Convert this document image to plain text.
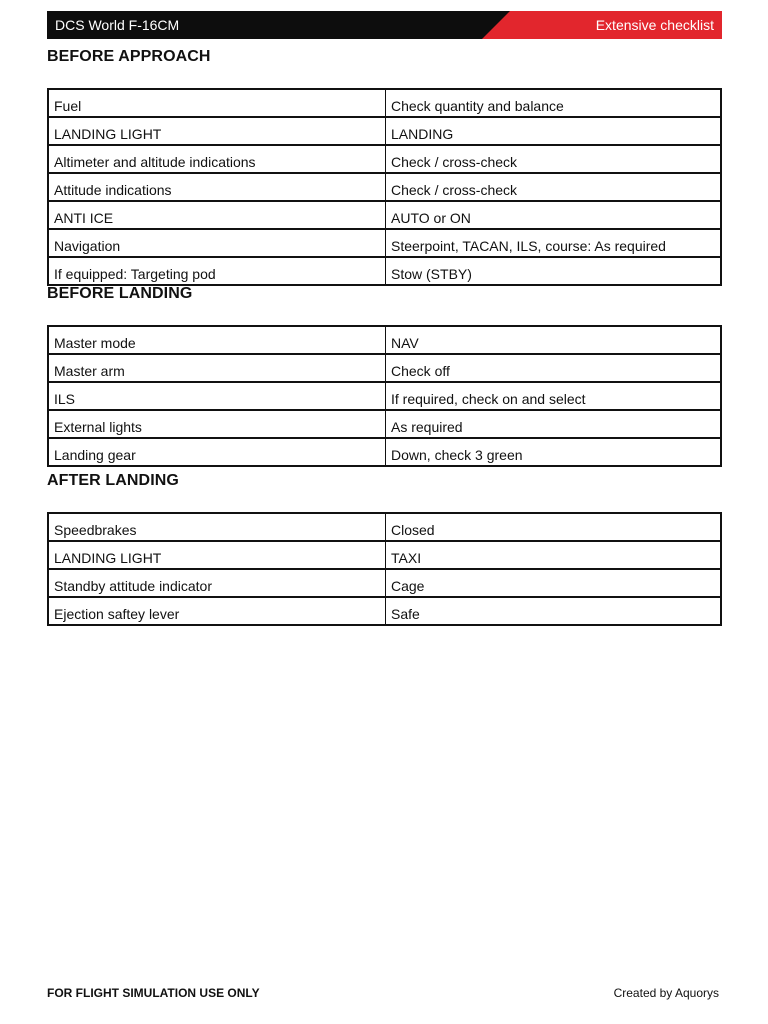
DCS World F-16CM	Extensive checklist
BEFORE APPROACH
Fuel	Check quantity and balance
LANDING LIGHT	LANDING
Altimeter and altitude indications	Check / cross-check
Attitude indications	Check / cross-check
ANTI ICE	AUTO or ON
Navigation	Steerpoint, TACAN, ILS, course: As required
If equipped: Targeting pod	Stow (STBY)
BEFORE LANDING
Master mode	NAV
Master arm	Check off
ILS	If required, check on and select
External lights	As required
Landing gear	Down, check 3 green
AFTER LANDING
Speedbrakes	Closed
LANDING LIGHT	TAXI
Standby attitude indicator	Cage
Ejection saftey lever	Safe
FOR FLIGHT SIMULATION USE ONLY	Created by Aquorys
